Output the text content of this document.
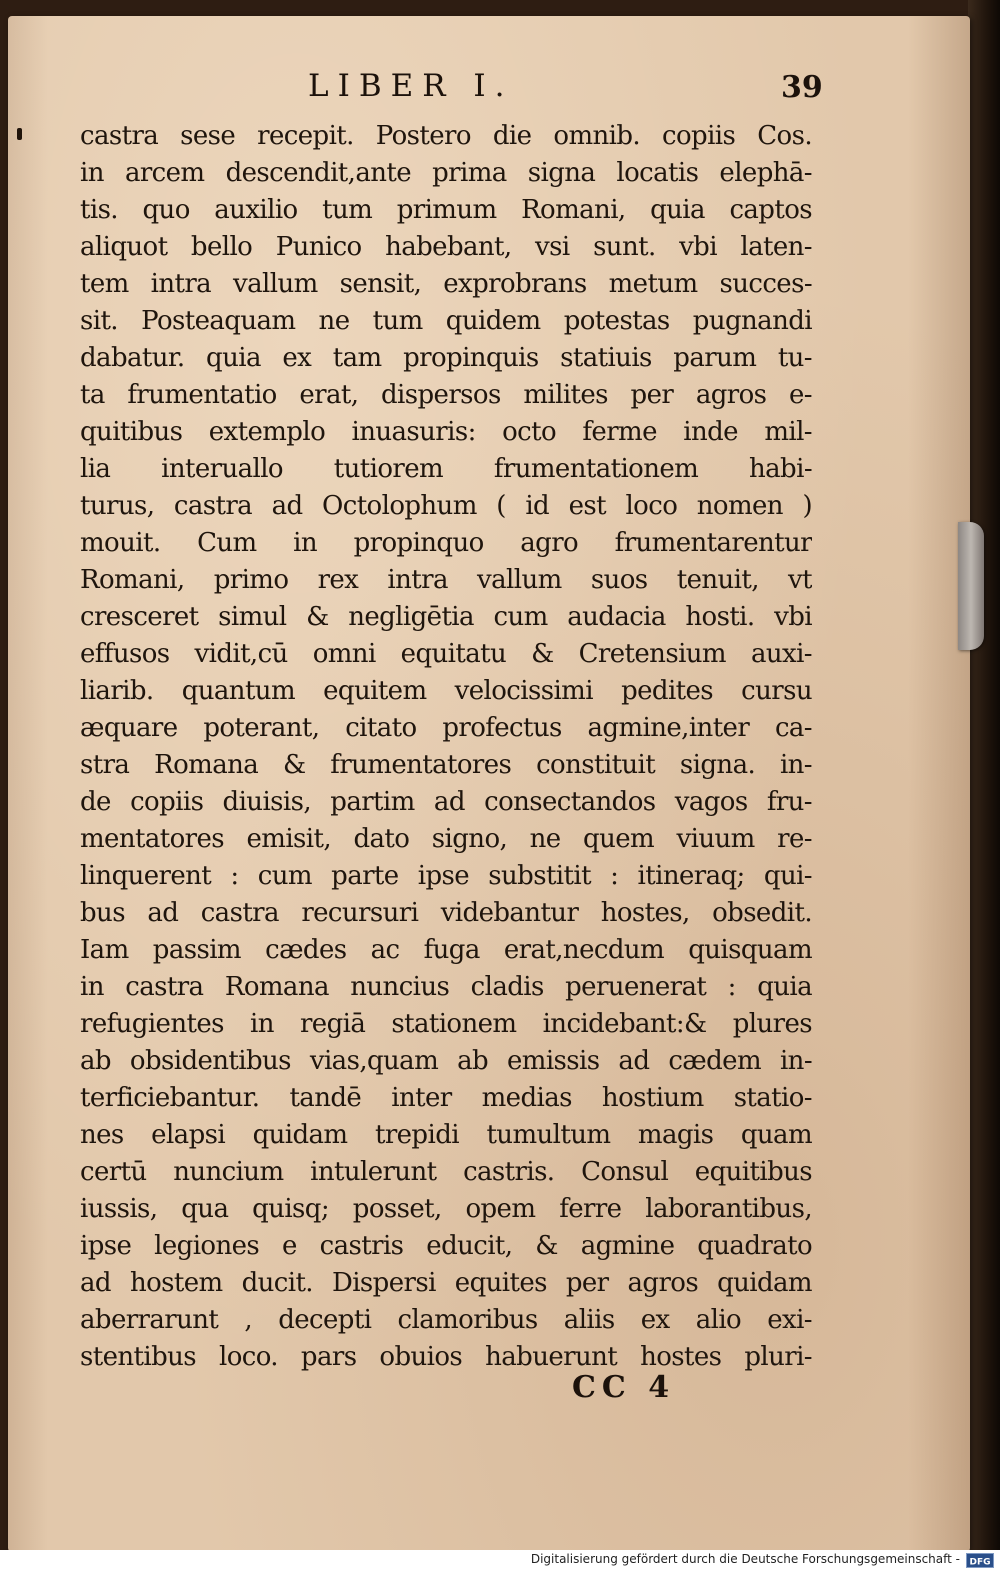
LIBER I.	39
castra sese recepit. Postero die omnib. copiis Cos.
in arcem descendit,ante prima signa locatis elephā-
tis. quo auxilio tum primum Romani, quia captos
aliquot bello Punico habebant, vsi sunt. vbi laten-
tem intra vallum sensit, exprobrans metum succes-
sit. Posteaquam ne tum quidem potestas pugnandi
dabatur. quia ex tam propinquis statiuis parum tu-
ta frumentatio erat, dispersos milites per agros e-
quitibus extemplo inuasuris: octo ferme inde mil-
lia interuallo tutiorem frumentationem habi-
turus, castra ad Octolophum ( id est loco nomen )
mouit. Cum in propinquo agro frumentarentur
Romani, primo rex intra vallum suos tenuit, vt
cresceret simul & negligētia cum audacia hosti. vbi
effusos vidit,cū omni equitatu & Cretensium auxi-
liarib. quantum equitem velocissimi pedites cursu
æquare poterant, citato profectus agmine,inter ca-
stra Romana & frumentatores constituit signa. in-
de copiis diuisis, partim ad consectandos vagos fru-
mentatores emisit, dato signo, ne quem viuum re-
linquerent : cum parte ipse substitit : itineraq; qui-
bus ad castra recursuri videbantur hostes, obsedit.
Iam passim cædes ac fuga erat,necdum quisquam
in castra Romana nuncius cladis peruenerat : quia
refugientes in regiā stationem incidebant:& plures
ab obsidentibus vias,quam ab emissis ad cædem in-
terficiebantur. tandē inter medias hostium statio-
nes elapsi quidam trepidi tumultum magis quam
certū nuncium intulerunt castris. Consul equitibus
iussis, qua quisq; posset, opem ferre laborantibus,
ipse legiones e castris educit, & agmine quadrato
ad hostem ducit. Dispersi equites per agros quidam
aberrarunt , decepti clamoribus aliis ex alio exi-
stentibus loco. pars obuios habuerunt hostes pluri-
CC 4
Digitalisierung gefördert durch die Deutsche Forschungsgemeinschaft - DFG
